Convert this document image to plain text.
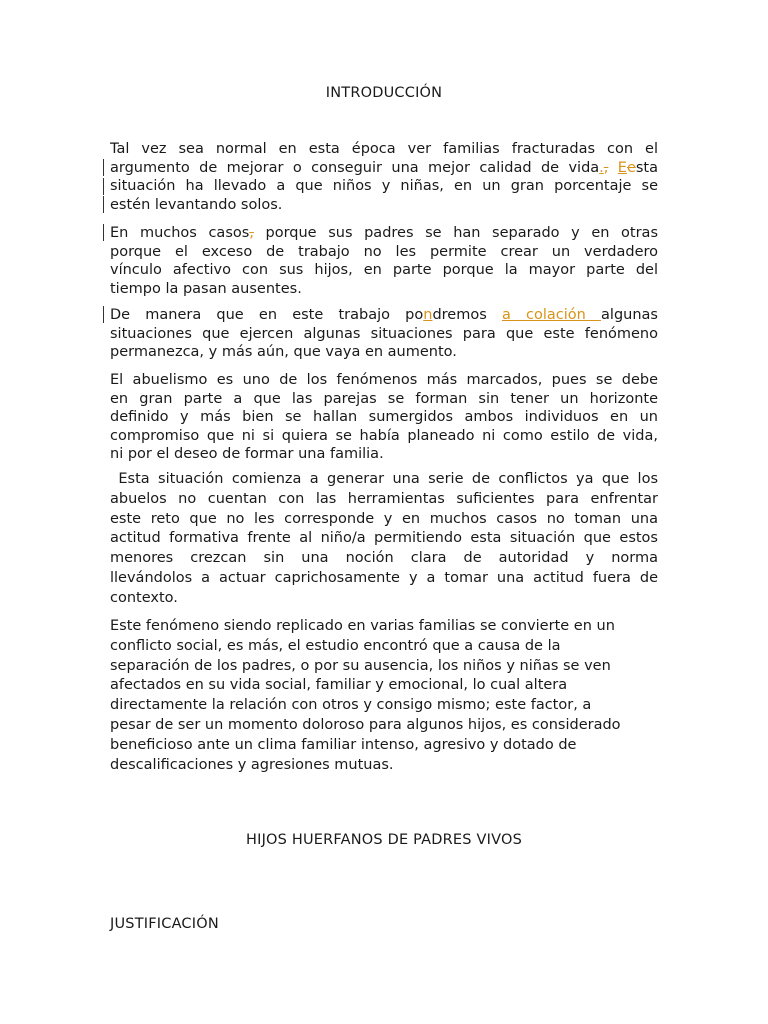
INTRODUCCIÓN
Tal vez sea normal en esta época ver familias fracturadas con el
argumento de mejorar o conseguir una mejor calidad de vida., Eesta
situación ha llevado a que niños y niñas, en un gran porcentaje se
estén levantando solos.
En muchos casos, porque sus padres se han separado y en otras
porque el exceso de trabajo no les permite crear un verdadero
vínculo afectivo con sus hijos, en parte porque la mayor parte del
tiempo la pasan ausentes.
De manera que en este trabajo pondremos a colación algunas
situaciones que ejercen algunas situaciones para que este fenómeno
permanezca, y más aún, que vaya en aumento.
El abuelismo es uno de los fenómenos más marcados, pues se debe
en gran parte a que las parejas se forman sin tener un horizonte
definido y más bien se hallan sumergidos ambos individuos en un
compromiso que ni si quiera se había planeado ni como estilo de vida,
ni por el deseo de formar una familia.
Esta situación comienza a generar una serie de conflictos ya que los
abuelos no cuentan con las herramientas suficientes para enfrentar
este reto que no les corresponde y en muchos casos no toman una
actitud formativa frente al niño/a permitiendo esta situación que estos
menores crezcan sin una noción clara de autoridad y norma
llevándolos a actuar caprichosamente y a tomar una actitud fuera de
contexto.
Este fenómeno siendo replicado en varias familias se convierte en un
conflicto social, es más, el estudio encontró que a causa de la
separación de los padres, o por su ausencia, los niños y niñas se ven
afectados en su vida social, familiar y emocional, lo cual altera
directamente la relación con otros y consigo mismo; este factor, a
pesar de ser un momento doloroso para algunos hijos, es considerado
beneficioso ante un clima familiar intenso, agresivo y dotado de
descalificaciones y agresiones mutuas.
HIJOS HUERFANOS DE PADRES VIVOS
JUSTIFICACIÓN
